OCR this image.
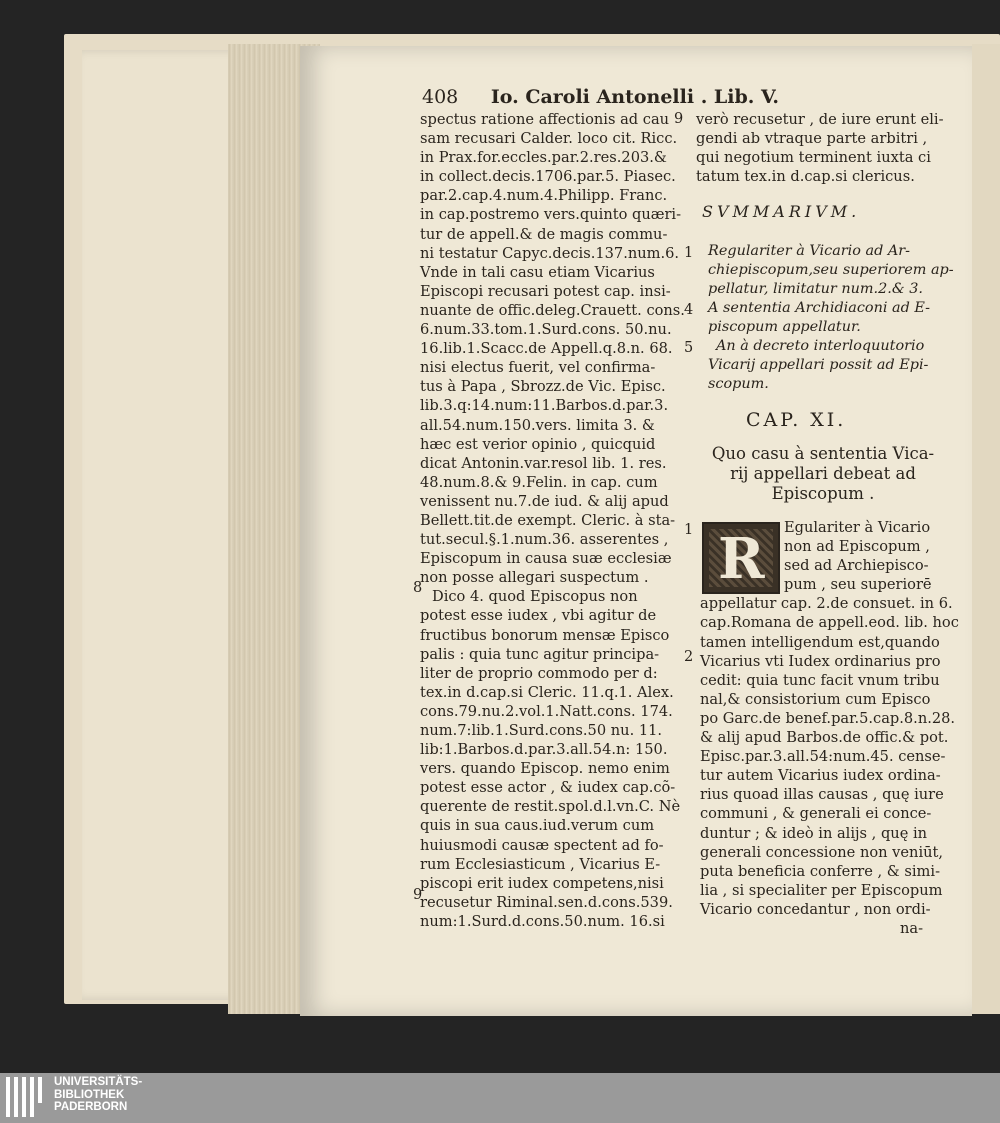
408 Io. Caroli Antonelli . Lib. V.
spectus ratione affectionis ad cau
sam recusari Calder. loco cit. Ricc.
in Prax.for.eccles.par.2.res.203.&
in collect.decis.1706.par.5. Piasec.
par.2.cap.4.num.4.Philipp. Franc.
in cap.postremo vers.quinto quæri-
tur de appell.& de magis commu-
ni testatur Capyc.decis.137.num.6.
Vnde in tali casu etiam Vicarius
Episcopi recusari potest cap. insi-
nuante de offic.deleg.Crauett. cons.
6.num.33.tom.1.Surd.cons. 50.nu.
16.lib.1.Scacc.de Appell.q.8.n. 68.
nisi electus fuerit, vel confirma-
tus à Papa , Sbrozz.de Vic. Episc.
lib.3.q:14.num:11.Barbos.d.par.3.
all.54.num.150.vers. limita 3. &
hæc est verior opinio , quicquid
dicat Antonin.var.resol lib. 1. res.
48.num.8.& 9.Felin. in cap. cum
venissent nu.7.de iud. & alij apud
Bellett.tit.de exempt. Cleric. à sta-
tut.secul.§.1.num.36. asserentes ,
Episcopum in causa suæ ecclesiæ
non posse allegari suspectum .
Dico 4. quod Episcopus non
potest esse iudex , vbi agitur de
fructibus bonorum mensæ Episco
palis : quia tunc agitur principa-
liter de proprio commodo per d:
tex.in d.cap.si Cleric. 11.q.1. Alex.
cons.79.nu.2.vol.1.Natt.cons. 174.
num.7:lib.1.Surd.cons.50 nu. 11.
lib:1.Barbos.d.par.3.all.54.n: 150.
vers. quando Episcop. nemo enim
potest esse actor , & iudex cap.cõ-
querente de restit.spol.d.l.vn.C. Nè
quis in sua caus.iud.verum cum
huiusmodi causæ spectent ad fo-
rum Ecclesiasticum , Vicarius E-
piscopi erit iudex competens,nisi
recusetur Riminal.sen.d.cons.539.
num:1.Surd.d.cons.50.num. 16.si
8
9
9
1
4
5
1
2
verò recusetur , de iure erunt eli-
gendi ab vtraque parte arbitri ,
qui negotium terminent iuxta ci
tatum tex.in d.cap.si clericus.
SVMMARIVM.
Regulariter à Vicario ad Ar-
chiepiscopum,seu superiorem ap-
pellatur, limitatur num.2.& 3.
A sententia Archidiaconi ad E-
piscopum appellatur.
An à decreto interloquutorio
Vicarij appellari possit ad Epi-
scopum.
CAP. XI.
Quo casu à sententia Vica-
rij appellari debeat ad
Episcopum .
R	Egulariter à Vicario
non ad Episcopum ,
sed ad Archiepisco-
pum , seu superiorē
appellatur cap. 2.de consuet. in 6.
cap.Romana de appell.eod. lib. hoc
tamen intelligendum est,quando
Vicarius vti Iudex ordinarius pro
cedit: quia tunc facit vnum tribu
nal,& consistorium cum Episco
po Garc.de benef.par.5.cap.8.n.28.
& alij apud Barbos.de offic.& pot.
Episc.par.3.all.54:num.45. cense-
tur autem Vicarius iudex ordina-
rius quoad illas causas , quę iure
communi , & generali ei conce-
duntur ; & ideò in alijs , quę in
generali concessione non veniūt,
puta beneficia conferre , & simi-
lia , si specialiter per Episcopum
Vicario concedantur , non ordi-
na-
UNIVERSITÄTS-
BIBLIOTHEK
PADERBORN
